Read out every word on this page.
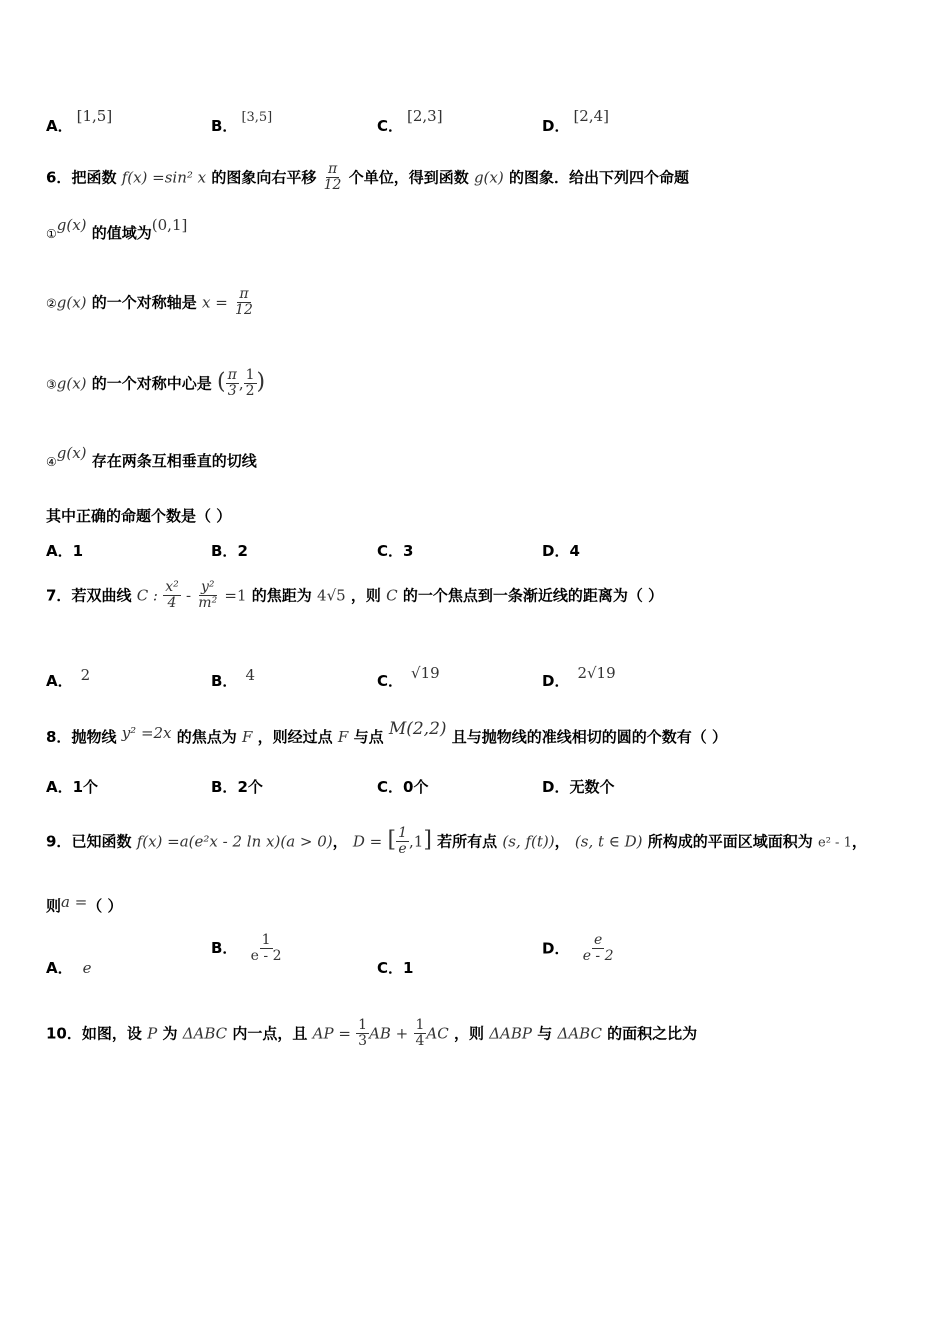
A．[1,5]
B． [3,5]	C．[2,3]
D．[2,4]
6．把函数 f(x) =sin² x 的图象向右平移 $\frac{\pi}{12}$ 个单位，得到函数 g(x) 的图象．给出下列四个命题
①g(x) 的值域为(0,1]
②g(x) 的一个对称轴是 $x = \frac{\pi}{12}$
③g(x) 的一个对称中心是 ( $\frac{\pi}{3}$ , $\frac{1}{2}$ )
④g(x) 存在两条互相垂直的切线
其中正确的命题个数是（ ）
A．1	B．2	C．3	D．4
7．若双曲线 C : $\frac{\text{x²}}{4} - \frac{\text{y²}}{\text{m²}} =1$ 的焦距为 4√5 ，则 C 的一个焦点到一条渐近线的距离为（ ）
A． 2	B． 4	C． √19	D． 2√19
8．抛物线 y² =2x 的焦点为 F ，则经过点 F 与点 M(2,2) 且与抛物线的准线相切的圆的个数有（ ）
A．1个	B．2个	C．0个	D．无数个
9．已知函数 f(x) =a(e²x - 2 ln x)(a > 0)， D = [ $\frac{1}{e} ,1$] 若所有点 (s, f(t))， (s, t ∈ D) 所构成的平面区域面积为 e² - 1，
则a =（ ）
A． e
B． $\frac{1}{e - 2}$
C．1
D． $\frac{e}{e - 2}$
10．如图，设 P 为 ΔABC 内一点，且 AP = $\frac{1}{3}$ AB + $\frac{1}{4}$ AC ，则 ΔABP 与 ΔABC 的面积之比为
